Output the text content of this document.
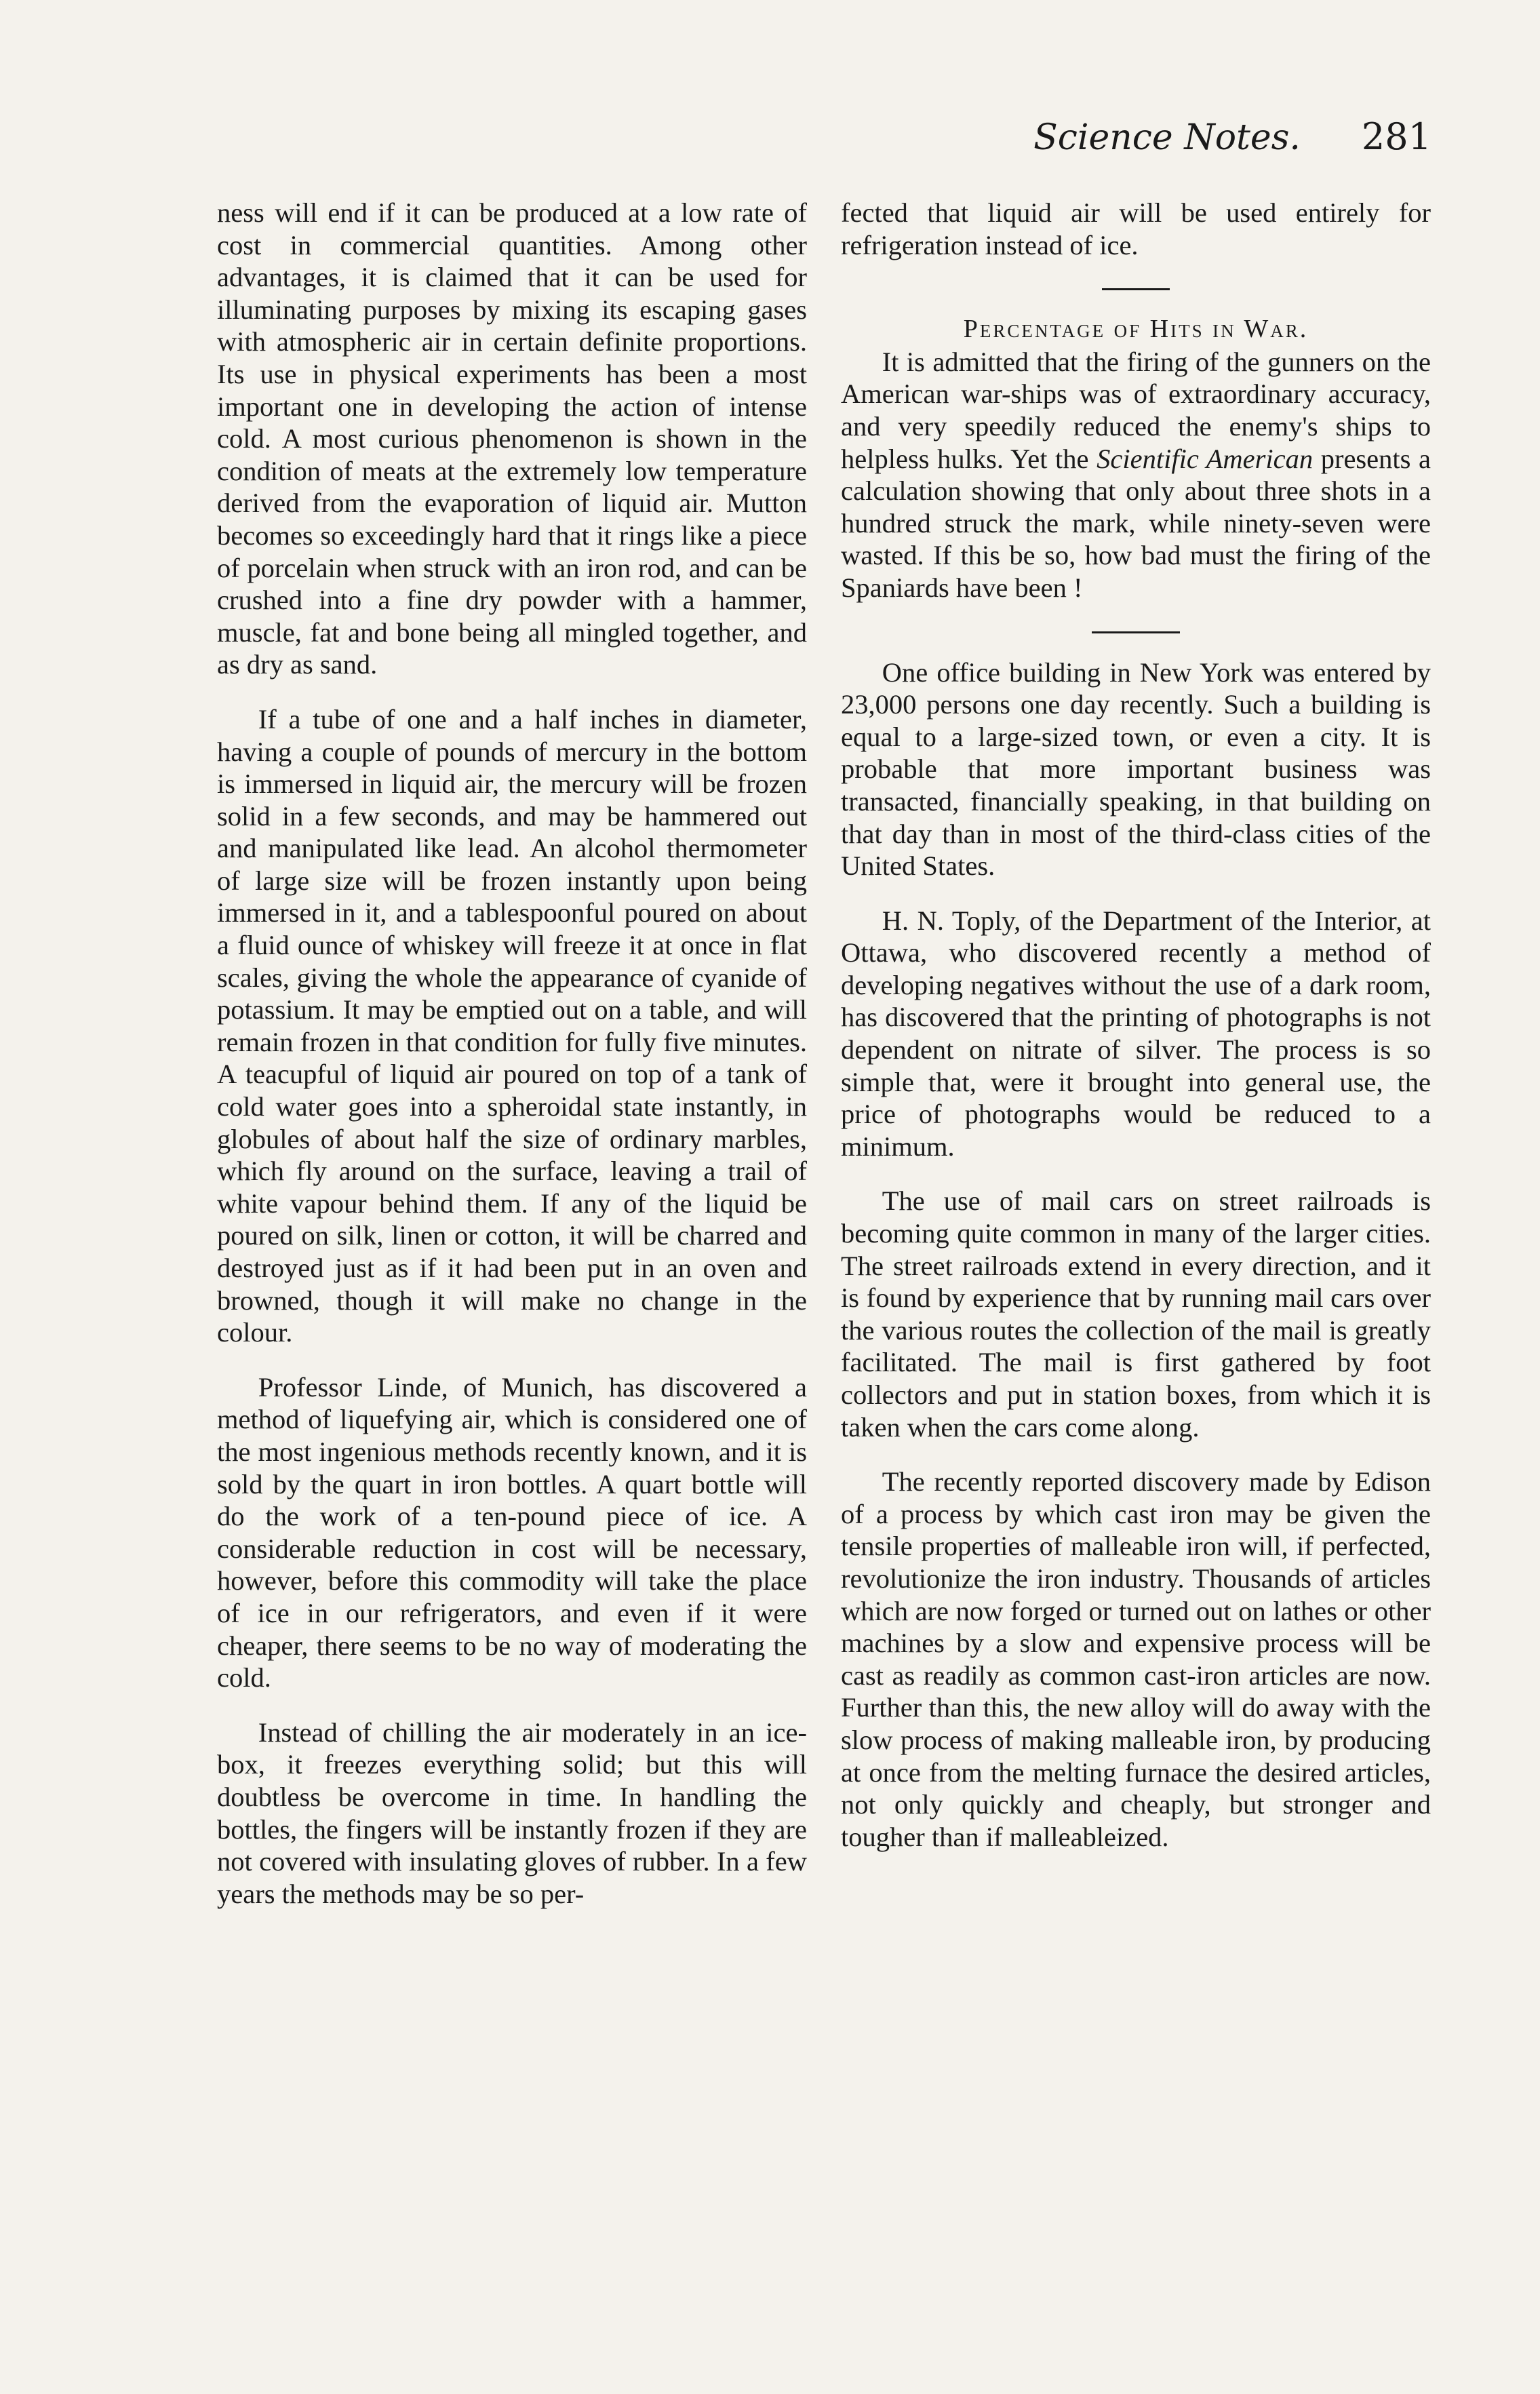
Science Notes. 281

ness will end if it can be produced at a low rate of cost in commercial quantities. Among other advantages, it is claimed that it can be used for illuminating purposes by mixing its escaping gases with atmospheric air in certain definite proportions. Its use in physical experiments has been a most important one in developing the action of intense cold. A most curious phenomenon is shown in the condition of meats at the extremely low temperature derived from the evaporation of liquid air. Mutton becomes so exceedingly hard that it rings like a piece of porcelain when struck with an iron rod, and can be crushed into a fine dry powder with a hammer, muscle, fat and bone being all mingled together, and as dry as sand.

If a tube of one and a half inches in diameter, having a couple of pounds of mercury in the bottom is immersed in liquid air, the mercury will be frozen solid in a few seconds, and may be hammered out and manipulated like lead. An alcohol thermometer of large size will be frozen instantly upon being immersed in it, and a tablespoonful poured on about a fluid ounce of whiskey will freeze it at once in flat scales, giving the whole the appearance of cyanide of potassium. It may be emptied out on a table, and will remain frozen in that condition for fully five minutes. A teacupful of liquid air poured on top of a tank of cold water goes into a spheroidal state instantly, in globules of about half the size of ordinary marbles, which fly around on the surface, leaving a trail of white vapour behind them. If any of the liquid be poured on silk, linen or cotton, it will be charred and destroyed just as if it had been put in an oven and browned, though it will make no change in the colour.

Professor Linde, of Munich, has discovered a method of liquefying air, which is considered one of the most ingenious methods recently known, and it is sold by the quart in iron bottles. A quart bottle will do the work of a ten-pound piece of ice. A considerable reduction in cost will be necessary, however, before this commodity will take the place of ice in our refrigerators, and even if it were cheaper, there seems to be no way of moderating the cold.

Instead of chilling the air moderately in an ice-box, it freezes everything solid; but this will doubtless be overcome in time. In handling the bottles, the fingers will be instantly frozen if they are not covered with insulating gloves of rubber. In a few years the methods may be so per-

fected that liquid air will be used entirely for refrigeration instead of ice.

Percentage of Hits in War.

It is admitted that the firing of the gunners on the American war-ships was of extraordinary accuracy, and very speedily reduced the enemy's ships to helpless hulks. Yet the Scientific American presents a calculation showing that only about three shots in a hundred struck the mark, while ninety-seven were wasted. If this be so, how bad must the firing of the Spaniards have been !

One office building in New York was entered by 23,000 persons one day recently. Such a building is equal to a large-sized town, or even a city. It is probable that more important business was transacted, financially speaking, in that building on that day than in most of the third-class cities of the United States.

H. N. Toply, of the Department of the Interior, at Ottawa, who discovered recently a method of developing negatives without the use of a dark room, has discovered that the printing of photographs is not dependent on nitrate of silver. The process is so simple that, were it brought into general use, the price of photographs would be reduced to a minimum.

The use of mail cars on street railroads is becoming quite common in many of the larger cities. The street railroads extend in every direction, and it is found by experience that by running mail cars over the various routes the collection of the mail is greatly facilitated. The mail is first gathered by foot collectors and put in station boxes, from which it is taken when the cars come along.

The recently reported discovery made by Edison of a process by which cast iron may be given the tensile properties of malleable iron will, if perfected, revolutionize the iron industry. Thousands of articles which are now forged or turned out on lathes or other machines by a slow and expensive process will be cast as readily as common cast-iron articles are now. Further than this, the new alloy will do away with the slow process of making malleable iron, by producing at once from the melting furnace the desired articles, not only quickly and cheaply, but stronger and tougher than if malleableized.
